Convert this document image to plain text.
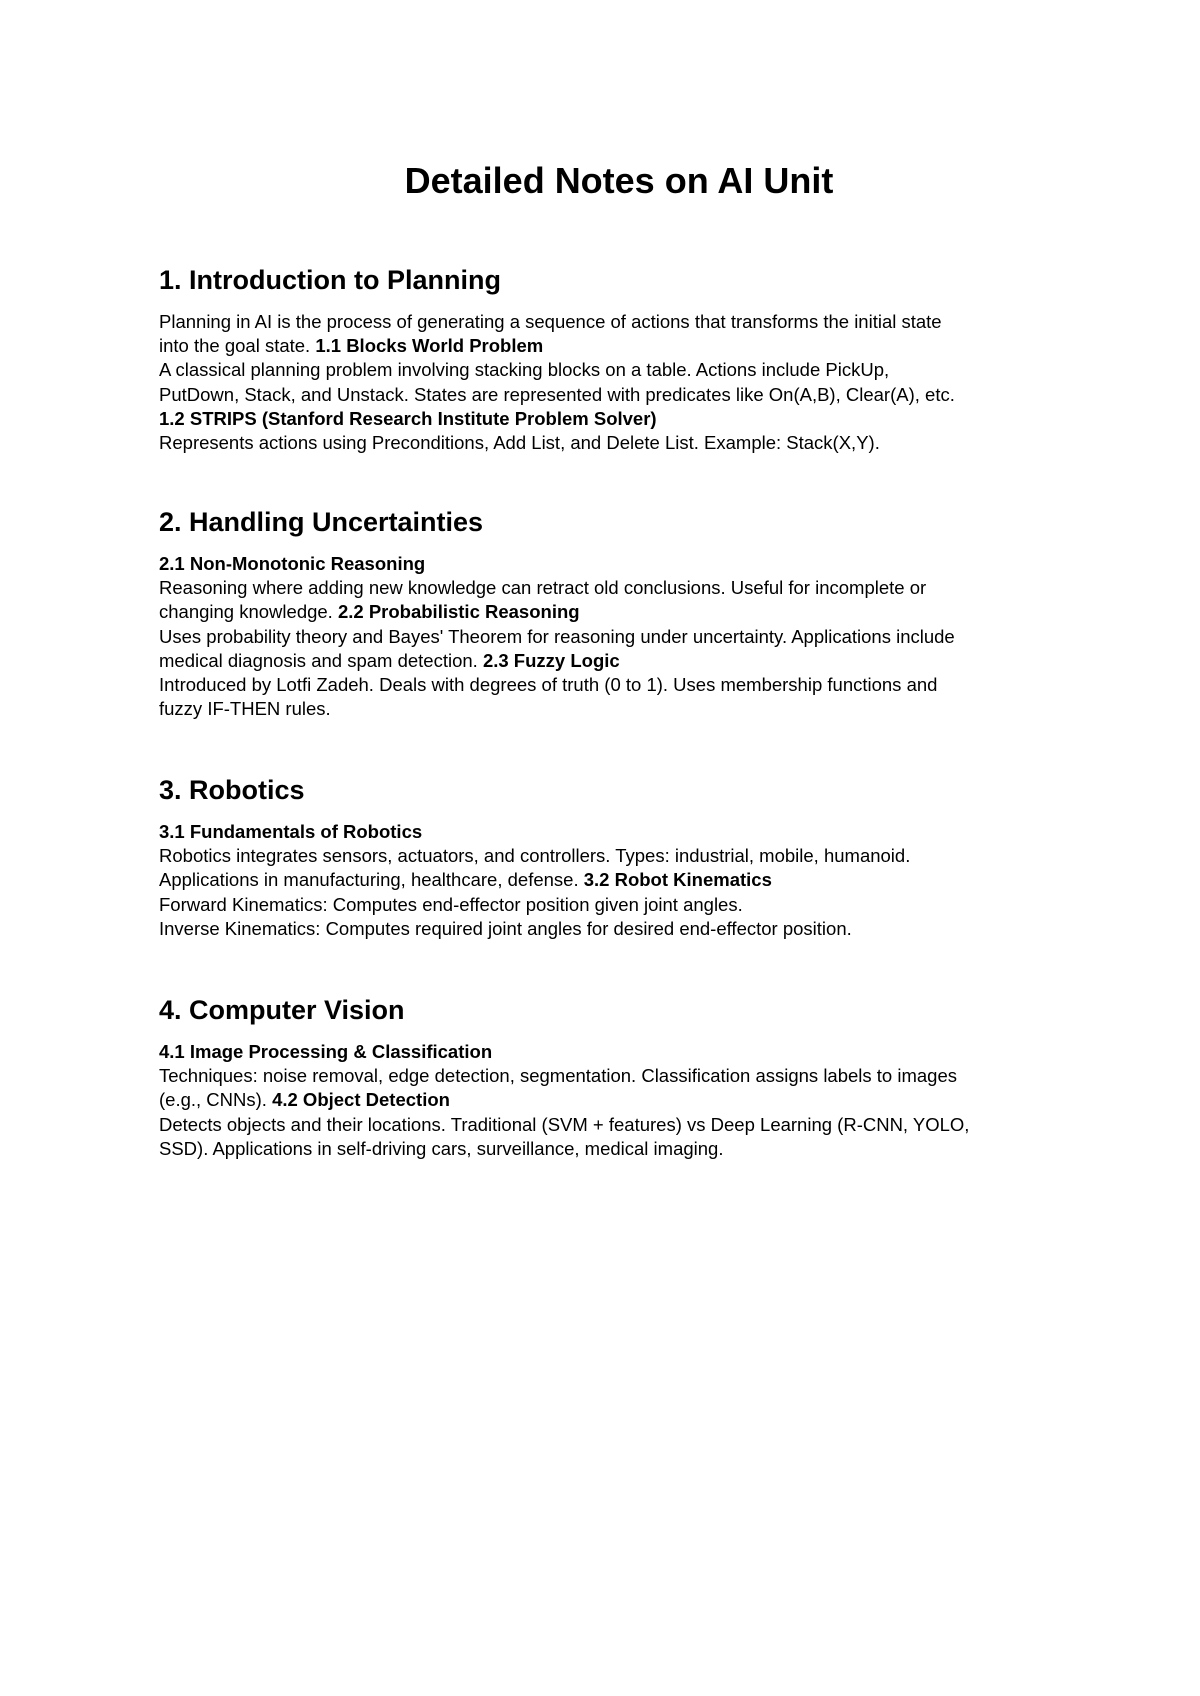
Detailed Notes on AI Unit
1. Introduction to Planning

Planning in AI is the process of generating a sequence of actions that transforms the initial state
into the goal state. 1.1 Blocks World Problem
A classical planning problem involving stacking blocks on a table. Actions include PickUp,
PutDown, Stack, and Unstack. States are represented with predicates like On(A,B), Clear(A), etc.
1.2 STRIPS (Stanford Research Institute Problem Solver)
Represents actions using Preconditions, Add List, and Delete List. Example: Stack(X,Y).

2. Handling Uncertainties

2.1 Non-Monotonic Reasoning
Reasoning where adding new knowledge can retract old conclusions. Useful for incomplete or
changing knowledge. 2.2 Probabilistic Reasoning
Uses probability theory and Bayes' Theorem for reasoning under uncertainty. Applications include
medical diagnosis and spam detection. 2.3 Fuzzy Logic
Introduced by Lotfi Zadeh. Deals with degrees of truth (0 to 1). Uses membership functions and
fuzzy IF-THEN rules.

3. Robotics

3.1 Fundamentals of Robotics
Robotics integrates sensors, actuators, and controllers. Types: industrial, mobile, humanoid.
Applications in manufacturing, healthcare, defense. 3.2 Robot Kinematics
Forward Kinematics: Computes end-effector position given joint angles.
Inverse Kinematics: Computes required joint angles for desired end-effector position.

4. Computer Vision

4.1 Image Processing & Classification
Techniques: noise removal, edge detection, segmentation. Classification assigns labels to images
(e.g., CNNs). 4.2 Object Detection
Detects objects and their locations. Traditional (SVM + features) vs Deep Learning (R-CNN, YOLO,
SSD). Applications in self-driving cars, surveillance, medical imaging.
